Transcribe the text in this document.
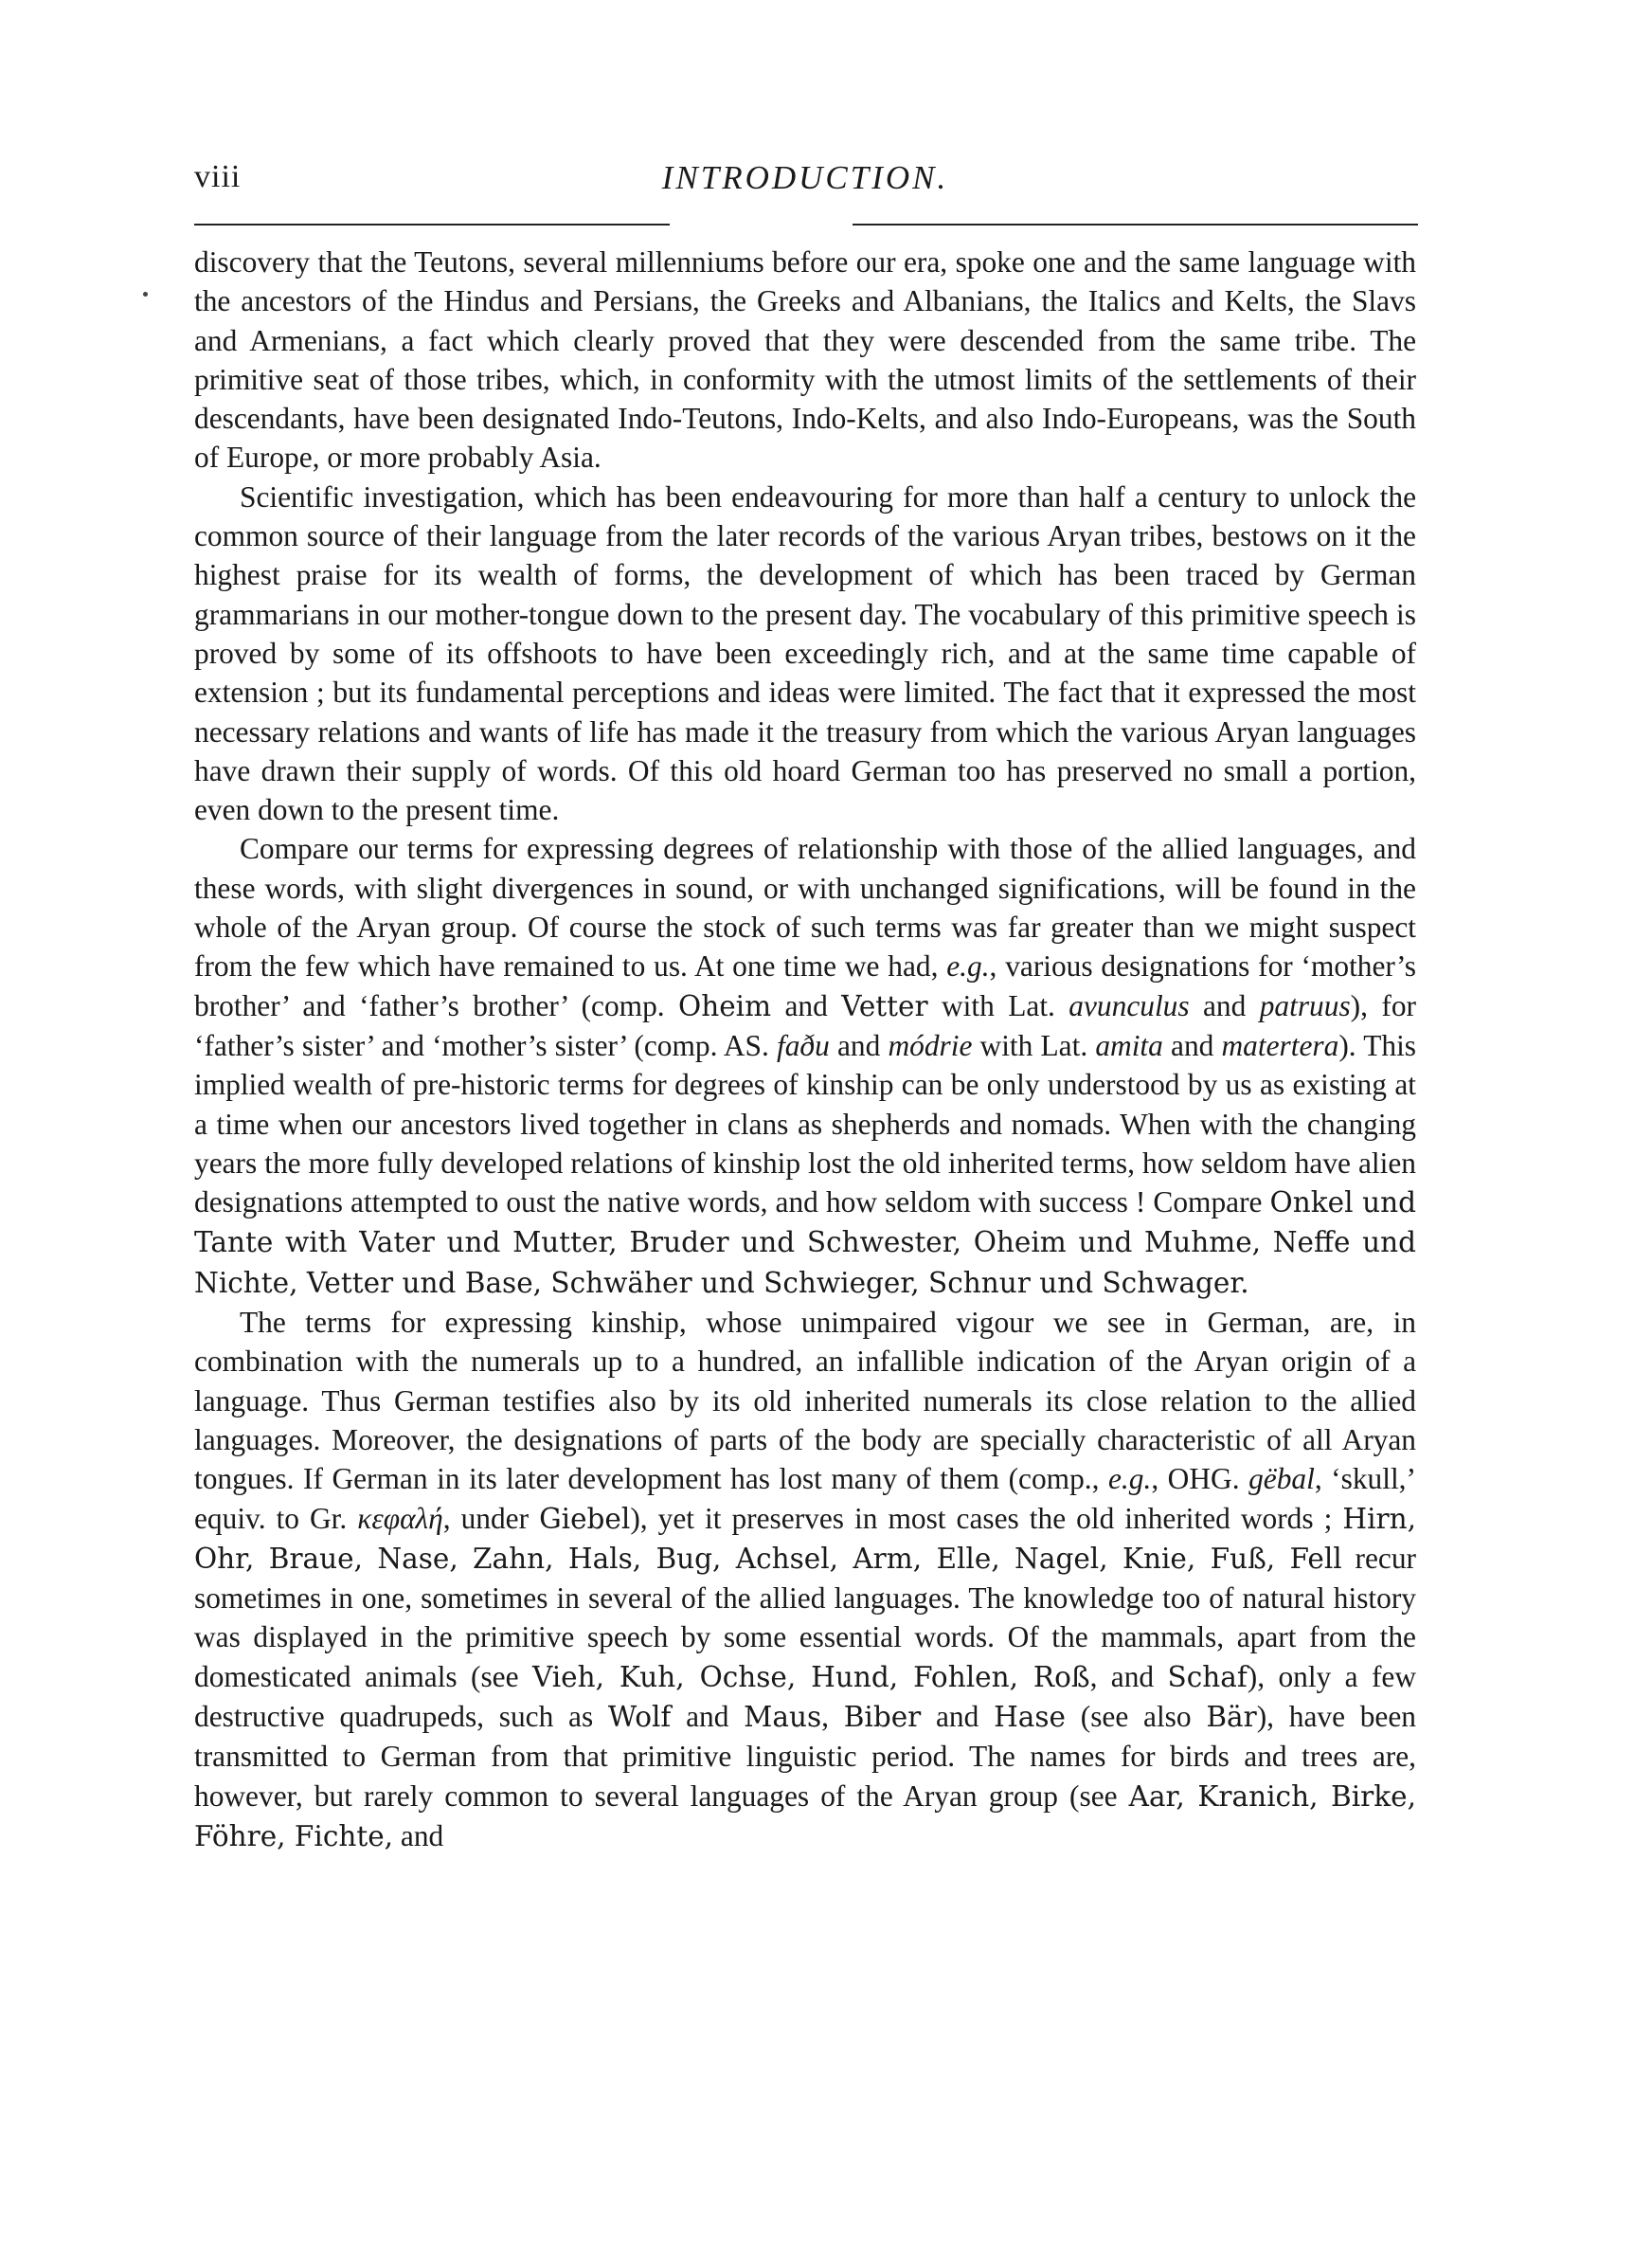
viii	INTRODUCTION.

discovery that the Teutons, several millenniums before our era, spoke one and the same language with the ancestors of the Hindus and Persians, the Greeks and Albanians, the Italics and Kelts, the Slavs and Armenians, a fact which clearly proved that they were descended from the same tribe. The primitive seat of those tribes, which, in conformity with the utmost limits of the settlements of their descendants, have been designated Indo-Teutons, Indo-Kelts, and also Indo-Europeans, was the South of Europe, or more probably Asia.

Scientific investigation, which has been endeavouring for more than half a century to unlock the common source of their language from the later records of the various Aryan tribes, bestows on it the highest praise for its wealth of forms, the development of which has been traced by German grammarians in our mother-tongue down to the present day. The vocabulary of this primitive speech is proved by some of its offshoots to have been exceedingly rich, and at the same time capable of extension ; but its fundamental perceptions and ideas were limited. The fact that it expressed the most necessary relations and wants of life has made it the treasury from which the various Aryan languages have drawn their supply of words. Of this old hoard German too has preserved no small a portion, even down to the present time.

Compare our terms for expressing degrees of relationship with those of the allied languages, and these words, with slight divergences in sound, or with unchanged significations, will be found in the whole of the Aryan group. Of course the stock of such terms was far greater than we might suspect from the few which have remained to us. At one time we had, e.g., various designations for ‘mother’s brother’ and ‘father’s brother’ (comp. Oheim and Vetter with Lat. avunculus and patruus), for ‘father’s sister’ and ‘mother’s sister’ (comp. AS. faðu and módrie with Lat. amita and matertera). This implied wealth of pre-historic terms for degrees of kinship can be only understood by us as existing at a time when our ancestors lived together in clans as shepherds and nomads. When with the changing years the more fully developed relations of kinship lost the old inherited terms, how seldom have alien designations attempted to oust the native words, and how seldom with success ! Compare Onkel und Tante with Vater und Mutter, Bruder und Schwester, Oheim und Muhme, Neffe und Nichte, Vetter und Base, Schwäher und Schwieger, Schnur und Schwager.

The terms for expressing kinship, whose unimpaired vigour we see in German, are, in combination with the numerals up to a hundred, an infallible indication of the Aryan origin of a language. Thus German testifies also by its old inherited numerals its close relation to the allied languages. Moreover, the designations of parts of the body are specially characteristic of all Aryan tongues. If German in its later development has lost many of them (comp., e.g., OHG. gëbal, ‘skull,’ equiv. to Gr. κεφαλή, under Giebel), yet it preserves in most cases the old inherited words ; Hirn, Ohr, Braue, Nase, Zahn, Hals, Bug, Achsel, Arm, Elle, Nagel, Knie, Fuß, Fell recur sometimes in one, sometimes in several of the allied languages. The knowledge too of natural history was displayed in the primitive speech by some essential words. Of the mammals, apart from the domesticated animals (see Vieh, Kuh, Ochse, Hund, Fohlen, Roß, and Schaf), only a few destructive quadrupeds, such as Wolf and Maus, Biber and Hase (see also Bär), have been transmitted to German from that primitive linguistic period. The names for birds and trees are, however, but rarely common to several languages of the Aryan group (see Aar, Kranich, Birke, Föhre, Fichte, and
